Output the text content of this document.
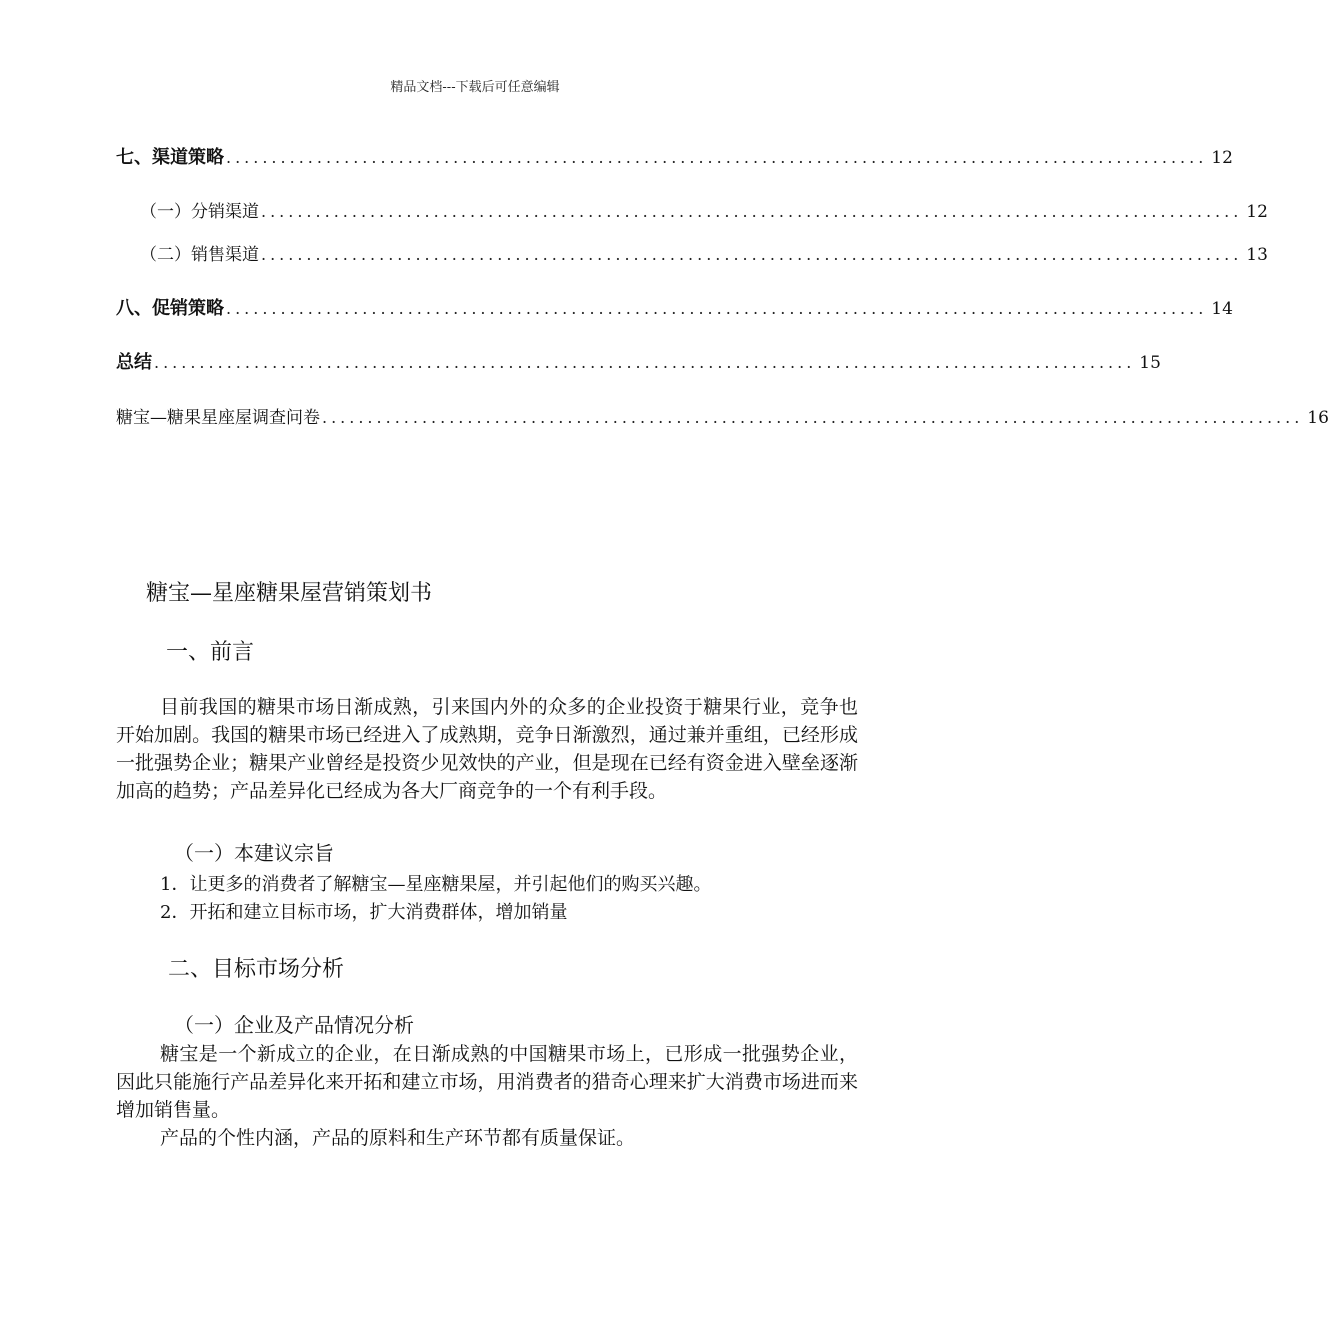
精品文档---下载后可任意编辑
七、渠道策略 ............................................................................................................ 12
（一）分销渠道 ............................................................................................................ 12
（二）销售渠道 ............................................................................................................ 13
八、促销策略 ............................................................................................................ 14
总结 ............................................................................................................ 15
糖宝—糖果星座屋调查问卷 ............................................................................................................ 16
糖宝—星座糖果屋营销策划书
一、前言
目前我国的糖果市场日渐成熟，引来国内外的众多的企业投资于糖果行业，竞争也开始加剧。我国的糖果市场已经进入了成熟期，竞争日渐激烈，通过兼并重组，已经形成一批强势企业；糖果产业曾经是投资少见效快的产业，但是现在已经有资金进入壁垒逐渐加高的趋势；产品差异化已经成为各大厂商竞争的一个有利手段。
（一）本建议宗旨
1．让更多的消费者了解糖宝—星座糖果屋，并引起他们的购买兴趣。
2．开拓和建立目标市场，扩大消费群体，增加销量
二、目标市场分析
（一）企业及产品情况分析
糖宝是一个新成立的企业，在日渐成熟的中国糖果市场上，已形成一批强势企业，因此只能施行产品差异化来开拓和建立市场，用消费者的猎奇心理来扩大消费市场进而来增加销售量。
产品的个性内涵，产品的原料和生产环节都有质量保证。
